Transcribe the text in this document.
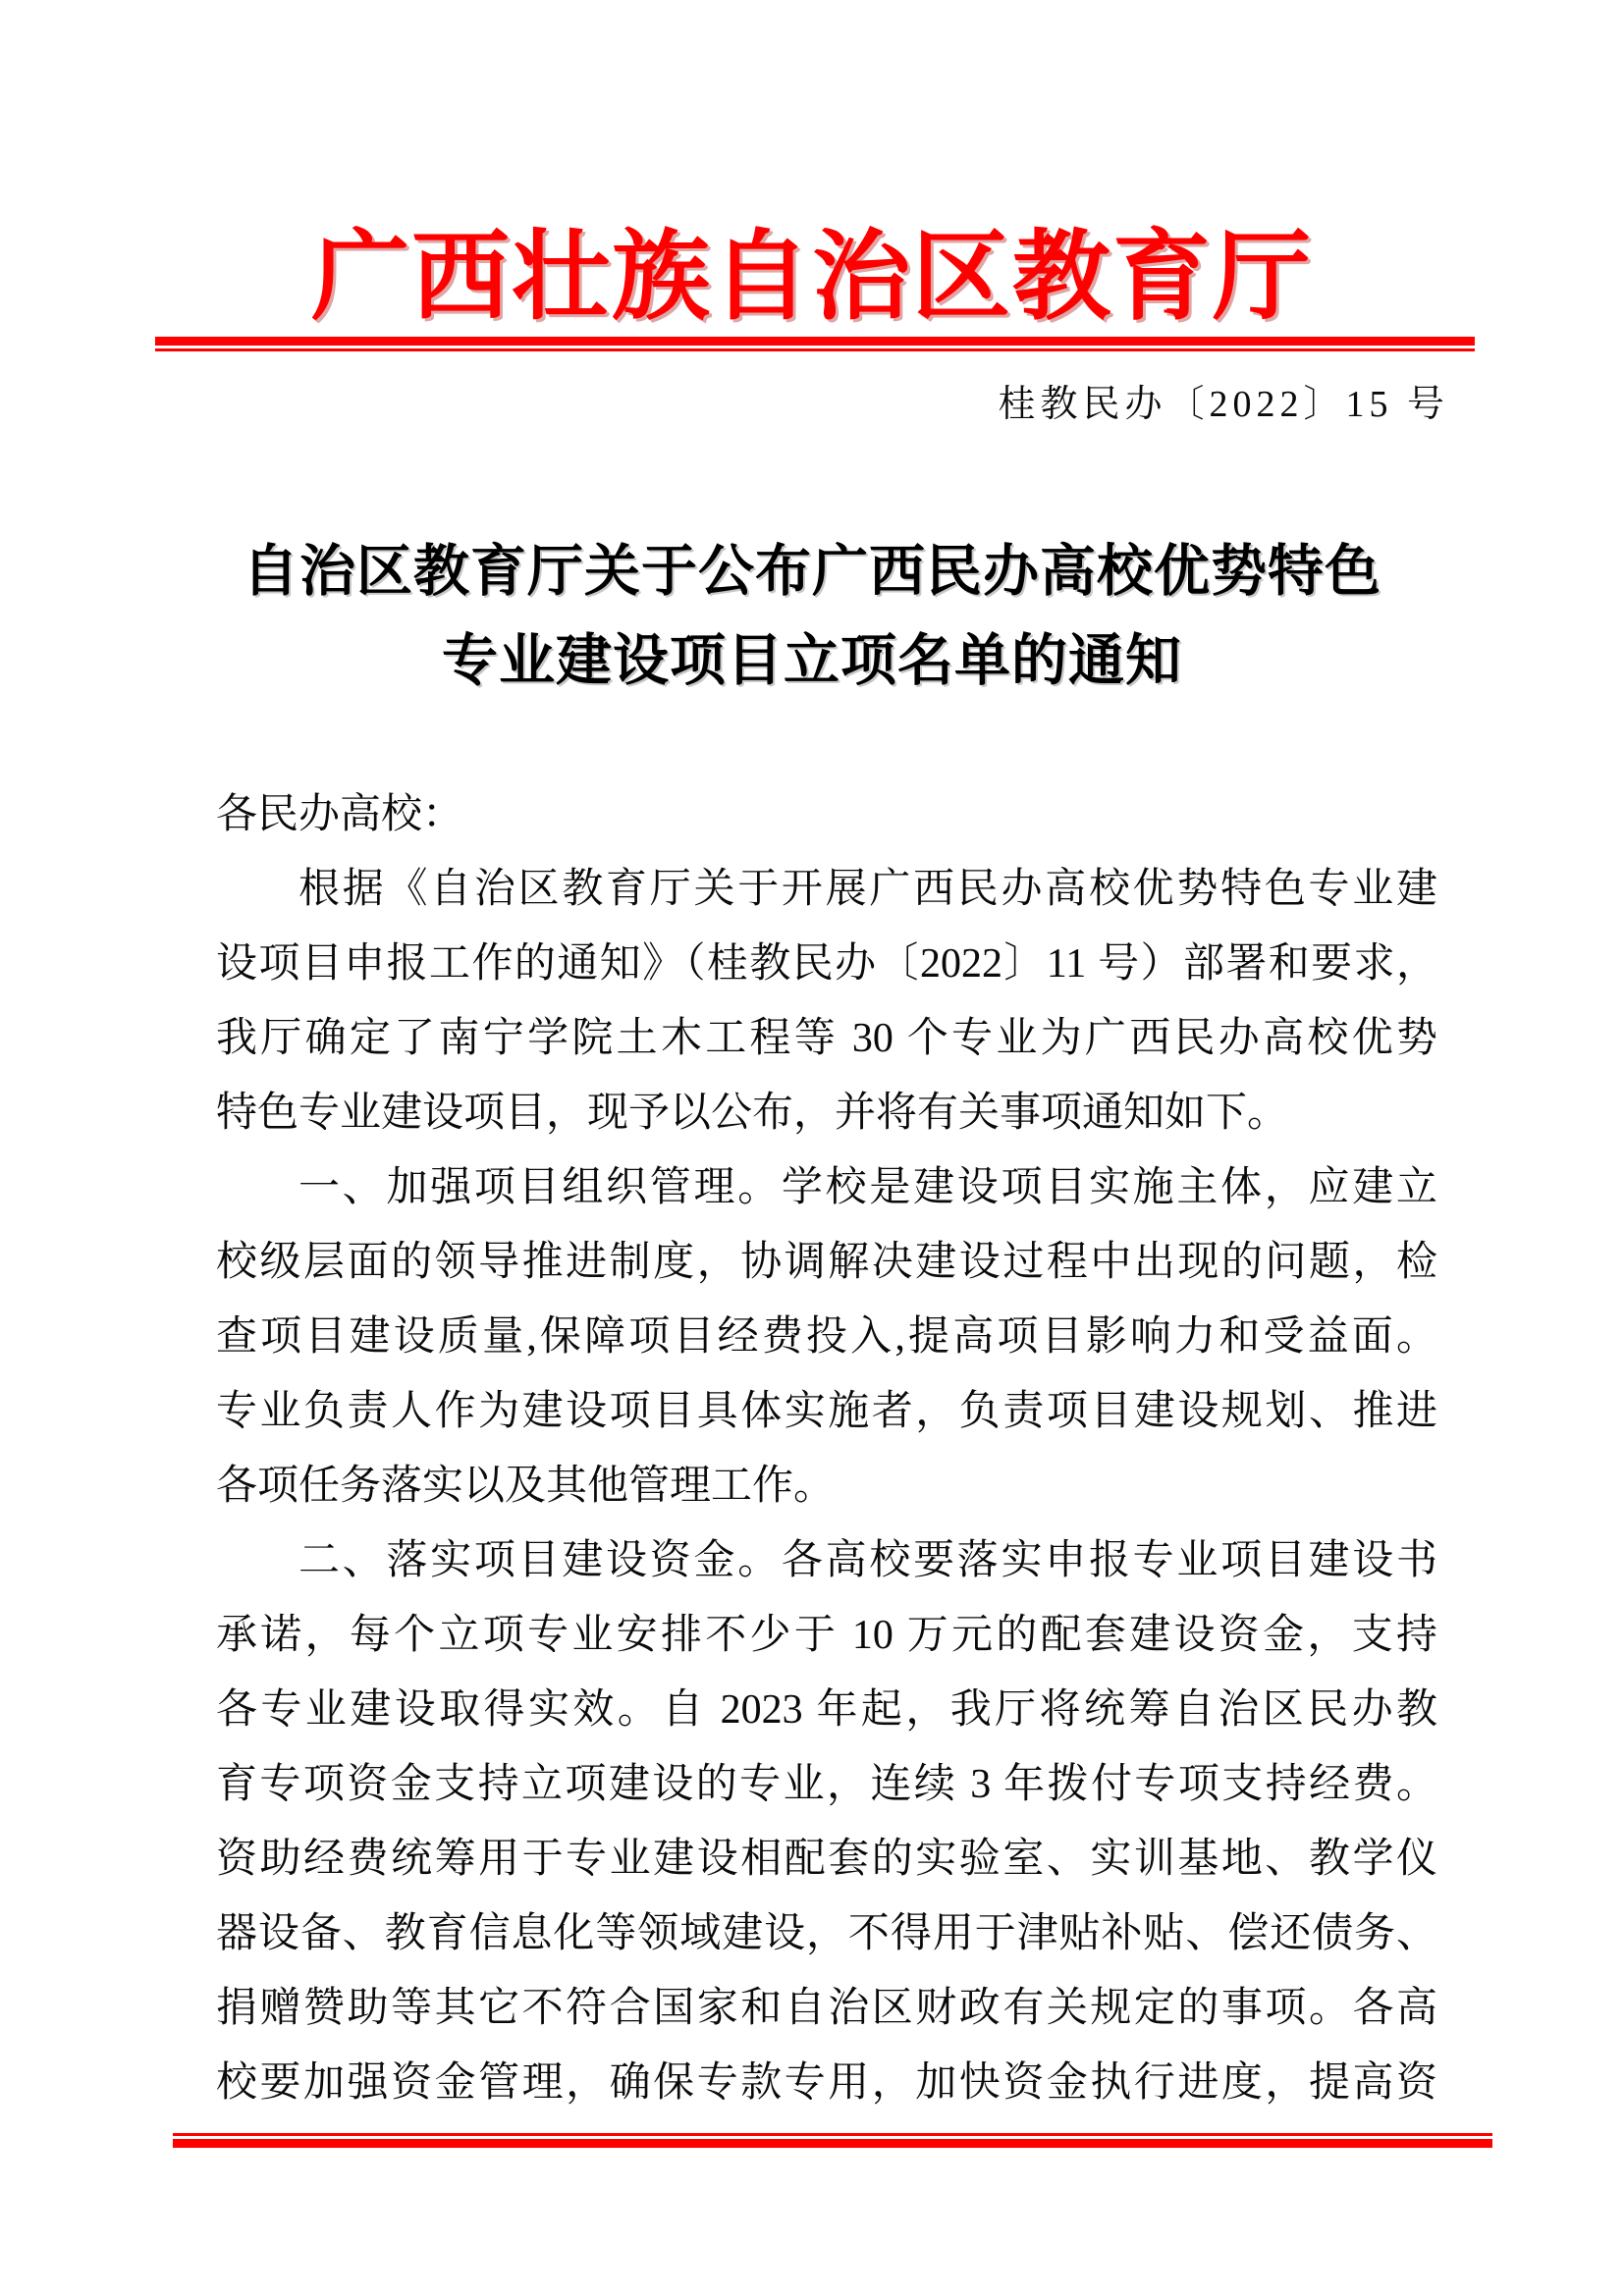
广西壮族自治区教育厅
桂教民办〔2022〕15 号
自治区教育厅关于公布广西民办高校优势特色
专业建设项目立项名单的通知
各民办高校：
根据《自治区教育厅关于开展广西民办高校优势特色专业建
设项目申报工作的通知》（桂教民办〔2022〕11 号）部署和要求，
我厅确定了南宁学院土木工程等 30 个专业为广西民办高校优势
特色专业建设项目，现予以公布，并将有关事项通知如下。
一、加强项目组织管理。学校是建设项目实施主体，应建立
校级层面的领导推进制度，协调解决建设过程中出现的问题，检
查项目建设质量,保障项目经费投入,提高项目影响力和受益面。
专业负责人作为建设项目具体实施者，负责项目建设规划、推进
各项任务落实以及其他管理工作。
二、落实项目建设资金。各高校要落实申报专业项目建设书
承诺，每个立项专业安排不少于 10 万元的配套建设资金，支持
各专业建设取得实效。自 2023 年起，我厅将统筹自治区民办教
育专项资金支持立项建设的专业，连续 3 年拨付专项支持经费。
资助经费统筹用于专业建设相配套的实验室、实训基地、教学仪
器设备、教育信息化等领域建设，不得用于津贴补贴、偿还债务、
捐赠赞助等其它不符合国家和自治区财政有关规定的事项。各高
校要加强资金管理，确保专款专用，加快资金执行进度，提高资
